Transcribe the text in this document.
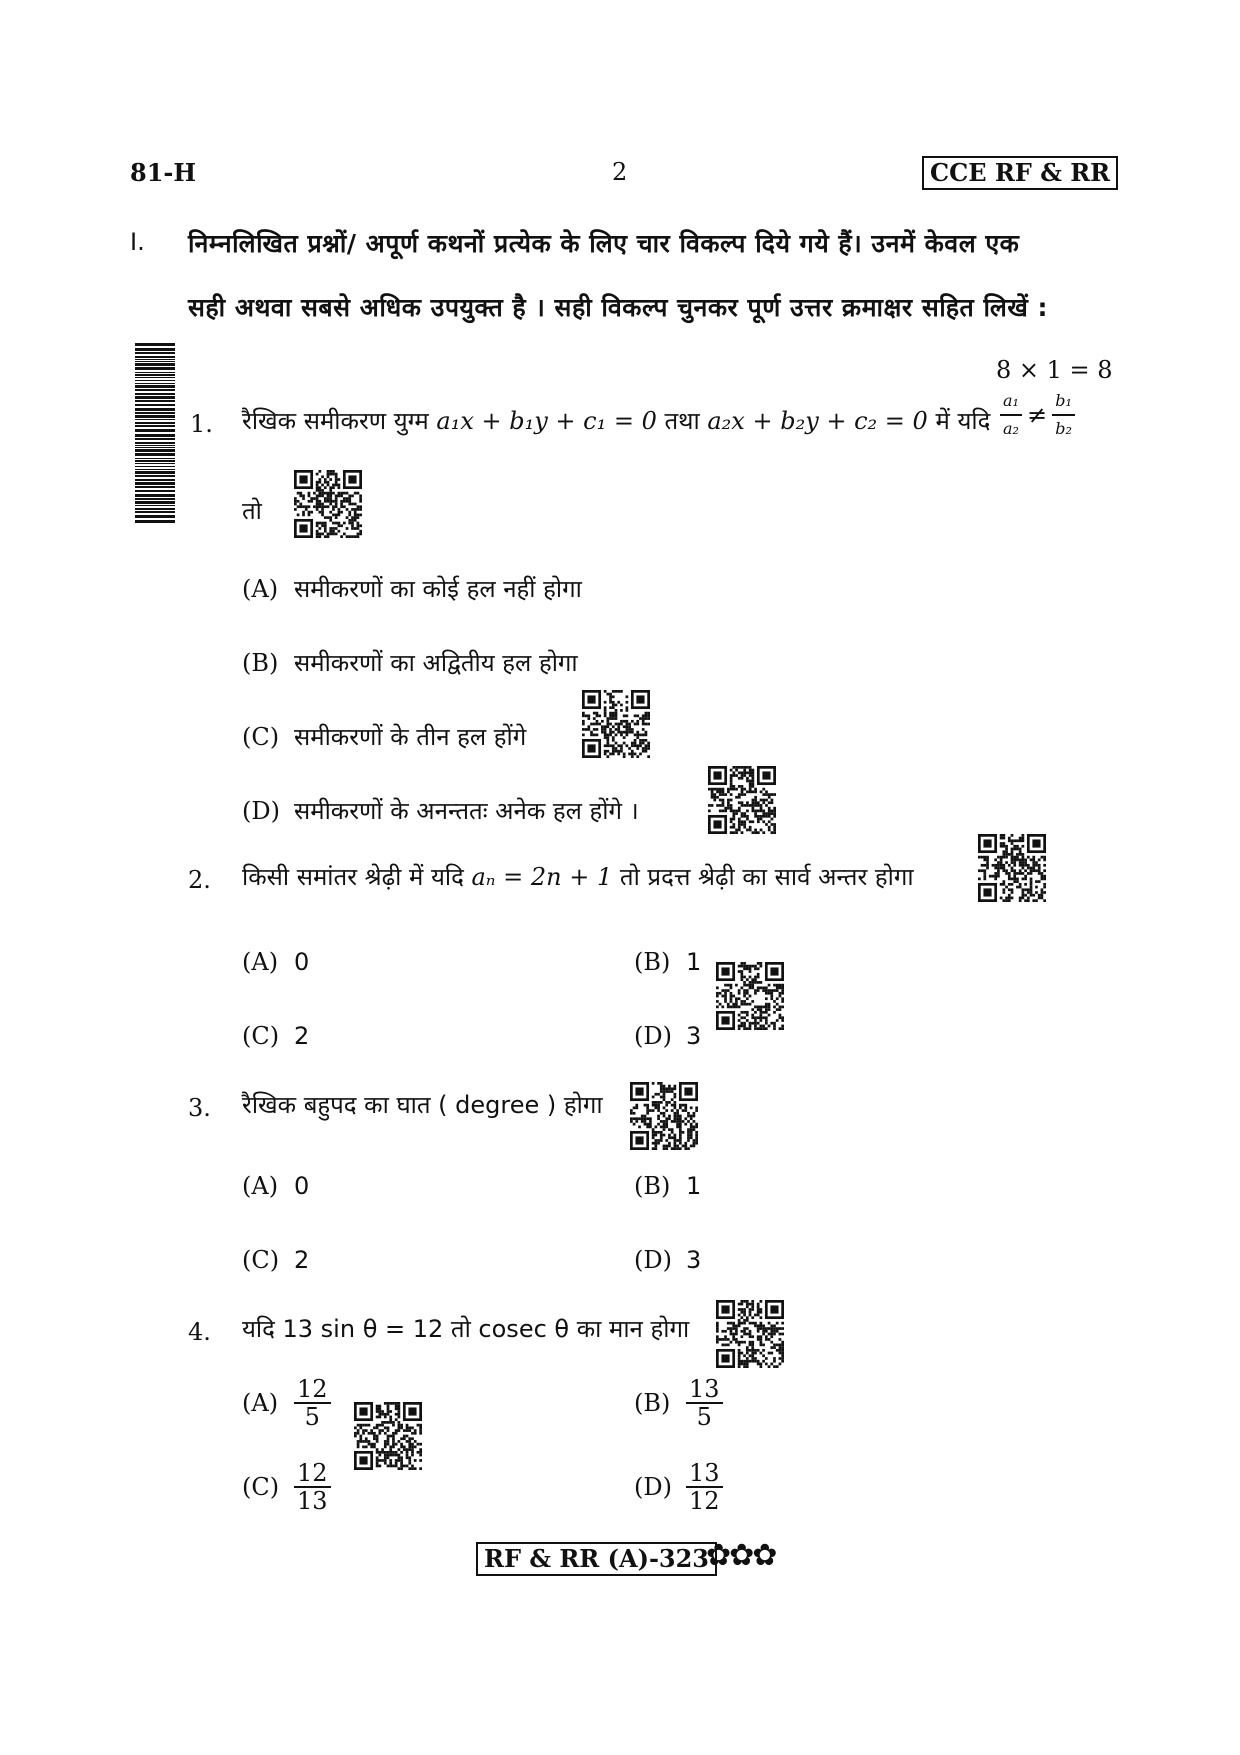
81-H	2	CCE RF & RR
I. निम्नलिखित प्रश्नों/ अपूर्ण कथनों प्रत्येक के लिए चार विकल्प दिये गये हैं। उनमें केवल एक
सही अथवा सबसे अधिक उपयुक्त है । सही विकल्प चुनकर पूर्ण उत्तर क्रमाक्षर सहित लिखें :
8 × 1 = 8
1. रैखिक समीकरण युग्म a₁x + b₁y + c₁ = 0 तथा a₂x + b₂y + c₂ = 0 में यदि $\frac{\text{a₁}}{\text{a₂}} \ne \frac{\text{b₁}}{\text{b₂}}$
तो
(A) समीकरणों का कोई हल नहीं होगा
(B) समीकरणों का अद्वितीय हल होगा
(C) समीकरणों के तीन हल होंगे
(D) समीकरणों के अनन्ततः अनेक हल होंगे ।
2. किसी समांतर श्रेढ़ी में यदि aₙ = 2n + 1 तो प्रदत्त श्रेढ़ी का सार्व अन्तर होगा
(A) 0	(B) 1
(C) 2	(D) 3
3. रैखिक बहुपद का घात ( degree ) होगा
(A) 0	(B) 1
(C) 2	(D) 3
4. यदि 13 sin θ = 12 तो cosec θ का मान होगा
$(A) \frac{12}{5}$	$(B) \frac{13}{5}$
$(C) \frac{12}{13}$	$(D) \frac{13}{12}$
RF & RR (A)-323
✿✿✿
